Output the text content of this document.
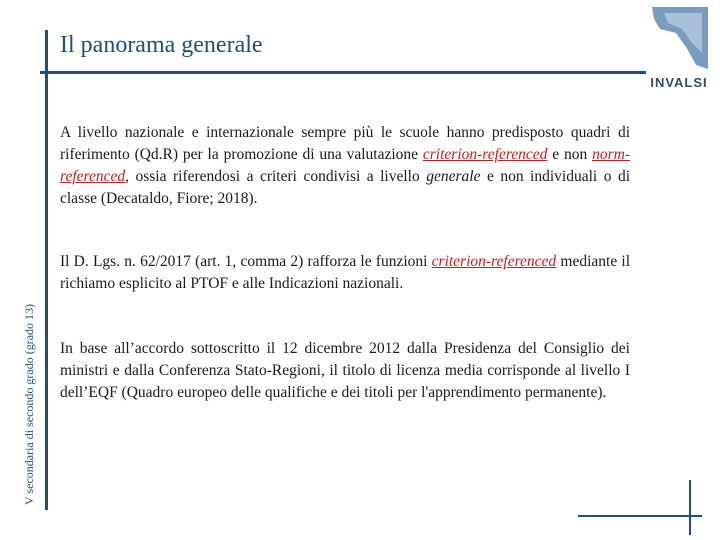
Il panorama generale
V secondaria di secondo grado (grado 13)
INVALSI

A livello nazionale e internazionale sempre più le scuole hanno predisposto quadri di riferimento (Qd.R) per la promozione di una valutazione criterion-referenced e non norm-referenced, ossia riferendosi a criteri condivisi a livello generale e non individuali o di classe (Decataldo, Fiore; 2018).

Il D. Lgs. n. 62/2017 (art. 1, comma 2) rafforza le funzioni criterion-referenced mediante il richiamo esplicito al PTOF e alle Indicazioni nazionali.

In base all’accordo sottoscritto il 12 dicembre 2012 dalla Presidenza del Consiglio dei ministri e dalla Conferenza Stato-Regioni, il titolo di licenza media corrisponde al livello I dell’EQF (Quadro europeo delle qualifiche e dei titoli per l'apprendimento permanente).
